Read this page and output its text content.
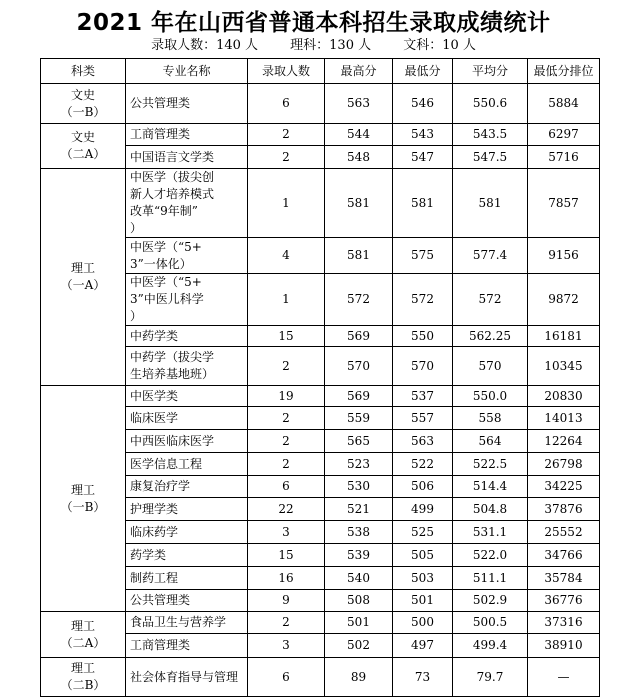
2021 年在山西省普通本科招生录取成绩统计
录取人数：140 人 理科：130 人 文科：10 人
科类	专业名称	录取人数	最高分	最低分	平均分	最低分排位
文史
（一B）	公共管理类	6	563	546	550.6	5884
文史
（二A）	工商管理类	2	544	543	543.5	6297
	中国语言文学类	2	548	547	547.5	5716
理工
（一A）	中医学（拔尖创
新人才培养模式
改革“9年制”
）	1	581	581	581	7857
	中医学（“5+
3”一体化）	4	581	575	577.4	9156
	中医学（“5+
3”中医儿科学
）	1	572	572	572	9872
	中药学类	15	569	550	562.25	16181
	中药学（拔尖学
生培养基地班）	2	570	570	570	10345
理工
（一B）	中医学类	19	569	537	550.0	20830
	临床医学	2	559	557	558	14013
	中西医临床医学	2	565	563	564	12264
	医学信息工程	2	523	522	522.5	26798
	康复治疗学	6	530	506	514.4	34225
	护理学类	22	521	499	504.8	37876
	临床药学	3	538	525	531.1	25552
	药学类	15	539	505	522.0	34766
	制药工程	16	540	503	511.1	35784
	公共管理类	9	508	501	502.9	36776
理工
（二A）	食品卫生与营养学	2	501	500	500.5	37316
	工商管理类	3	502	497	499.4	38910
理工
（二B）	社会体育指导与管理	6	89	73	79.7	—
